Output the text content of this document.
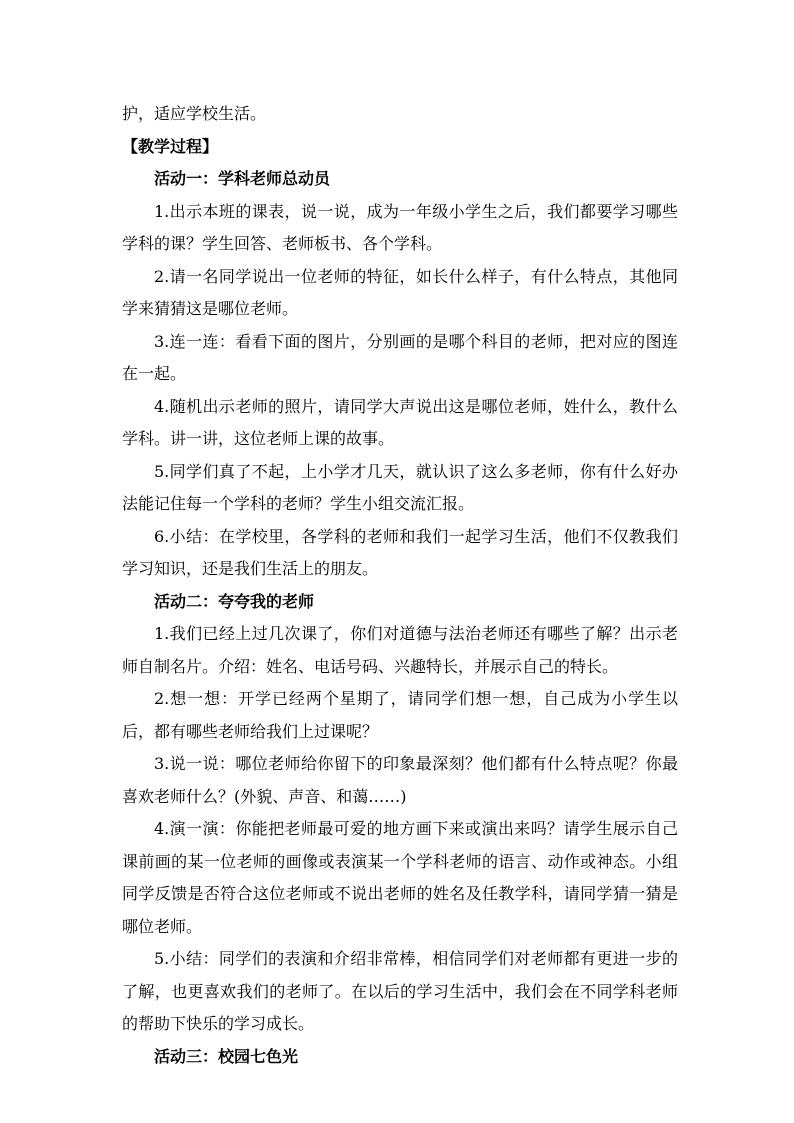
护，适应学校生活。

【教学过程】

活动一：学科老师总动员

1.出示本班的课表，说一说，成为一年级小学生之后，我们都要学习哪些学科的课？学生回答、老师板书、各个学科。

2.请一名同学说出一位老师的特征，如长什么样子，有什么特点，其他同学来猜猜这是哪位老师。

3.连一连：看看下面的图片，分别画的是哪个科目的老师，把对应的图连在一起。

4.随机出示老师的照片，请同学大声说出这是哪位老师，姓什么，教什么学科。讲一讲，这位老师上课的故事。

5.同学们真了不起，上小学才几天，就认识了这么多老师，你有什么好办法能记住每一个学科的老师？学生小组交流汇报。

6.小结：在学校里，各学科的老师和我们一起学习生活，他们不仅教我们学习知识，还是我们生活上的朋友。

活动二：夸夸我的老师

1.我们已经上过几次课了，你们对道德与法治老师还有哪些了解？出示老师自制名片。介绍：姓名、电话号码、兴趣特长，并展示自己的特长。

2.想一想：开学已经两个星期了，请同学们想一想，自己成为小学生以后，都有哪些老师给我们上过课呢？

3.说一说：哪位老师给你留下的印象最深刻？他们都有什么特点呢？你最喜欢老师什么？(外貌、声音、和蔼……)

4.演一演：你能把老师最可爱的地方画下来或演出来吗？请学生展示自己课前画的某一位老师的画像或表演某一个学科老师的语言、动作或神态。小组同学反馈是否符合这位老师或不说出老师的姓名及任教学科，请同学猜一猜是哪位老师。

5.小结：同学们的表演和介绍非常棒，相信同学们对老师都有更进一步的了解，也更喜欢我们的老师了。在以后的学习生活中，我们会在不同学科老师的帮助下快乐的学习成长。

活动三：校园七色光
